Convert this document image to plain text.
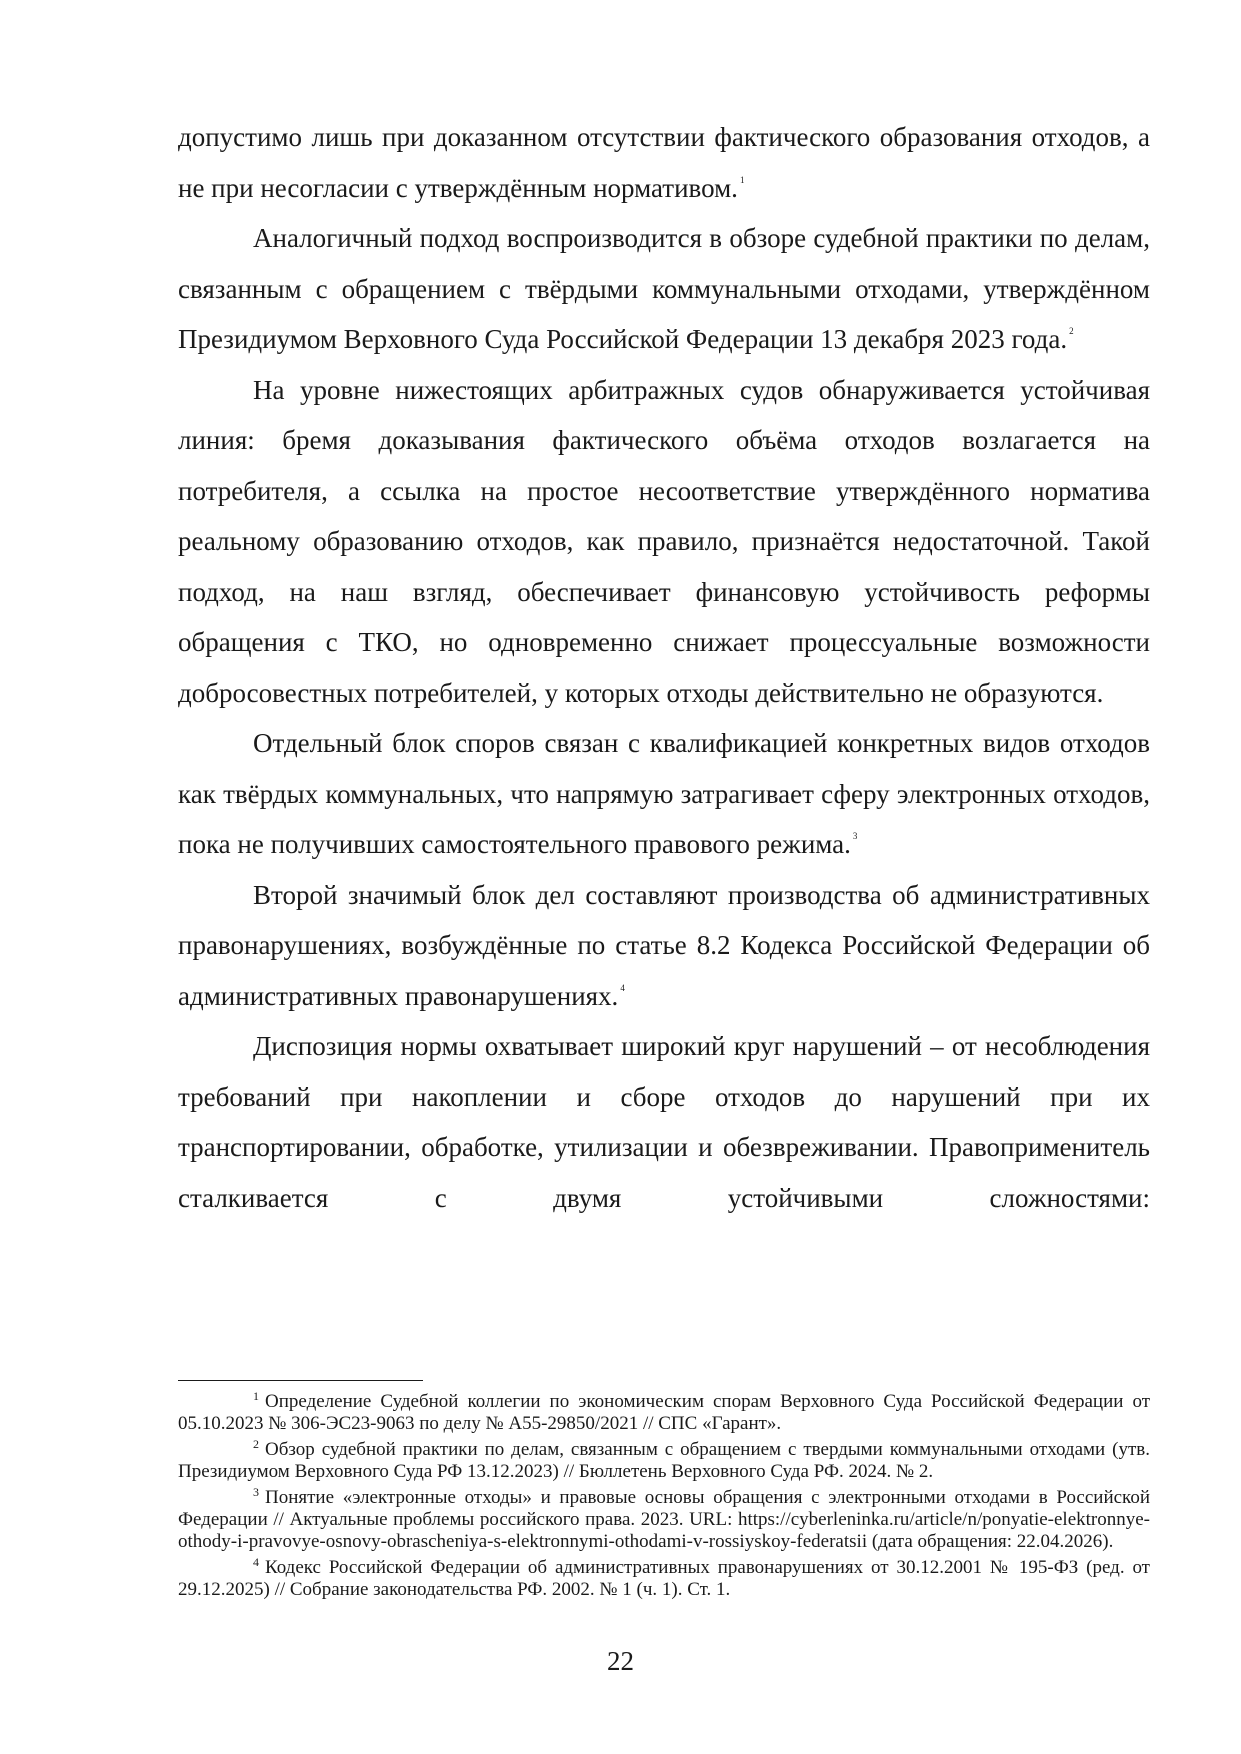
допустимо лишь при доказанном отсутствии фактического образования отходов, а не при несогласии с утверждённым нормативом. $^1$

Аналогичный подход воспроизводится в обзоре судебной практики по делам, связанным с обращением с твёрдыми коммунальными отходами, утверждённом Президиумом Верховного Суда Российской Федерации 13 декабря 2023 года. $^2$

На уровне нижестоящих арбитражных судов обнаруживается устойчивая линия: бремя доказывания фактического объёма отходов возлагается на потребителя, а ссылка на простое несоответствие утверждённого норматива реальному образованию отходов, как правило, признаётся недостаточной. Такой подход, на наш взгляд, обеспечивает финансовую устойчивость реформы обращения с ТКО, но одновременно снижает процессуальные возможности добросовестных потребителей, у которых отходы действительно не образуются.

Отдельный блок споров связан с квалификацией конкретных видов отходов как твёрдых коммунальных, что напрямую затрагивает сферу электронных отходов, пока не получивших самостоятельного правового режима. $^3$

Второй значимый блок дел составляют производства об административных правонарушениях, возбуждённые по статье 8.2 Кодекса Российской Федерации об административных правонарушениях. $^4$

Диспозиция нормы охватывает широкий круг нарушений – от несоблюдения требований при накоплении и сборе отходов до нарушений при их транспортировании, обработке, утилизации и обезвреживании. Правоприменитель сталкивается с двумя устойчивыми сложностями:

$^1$ Определение Судебной коллегии по экономическим спорам Верховного Суда Российской Федерации от 05.10.2023 № 306-ЭС23-9063 по делу № А55-29850/2021 // СПС «Гарант».

$^2$ Обзор судебной практики по делам, связанным с обращением с твердыми коммунальными отходами (утв. Президиумом Верховного Суда РФ 13.12.2023) // Бюллетень Верховного Суда РФ. 2024. № 2.

$^3$ Понятие «электронные отходы» и правовые основы обращения с электронными отходами в Российской Федерации // Актуальные проблемы российского права. 2023. URL: https://cyberleninka.ru/article/n/ponyatie-elektronnye-othody-i-pravovye-osnovy-obrascheniya-s-elektronnymi-othodami-v-rossiyskoy-federatsii (дата обращения: 22.04.2026).

$^4$ Кодекс Российской Федерации об административных правонарушениях от 30.12.2001 № 195-ФЗ (ред. от 29.12.2025) // Собрание законодательства РФ. 2002. № 1 (ч. 1). Ст. 1.

22
